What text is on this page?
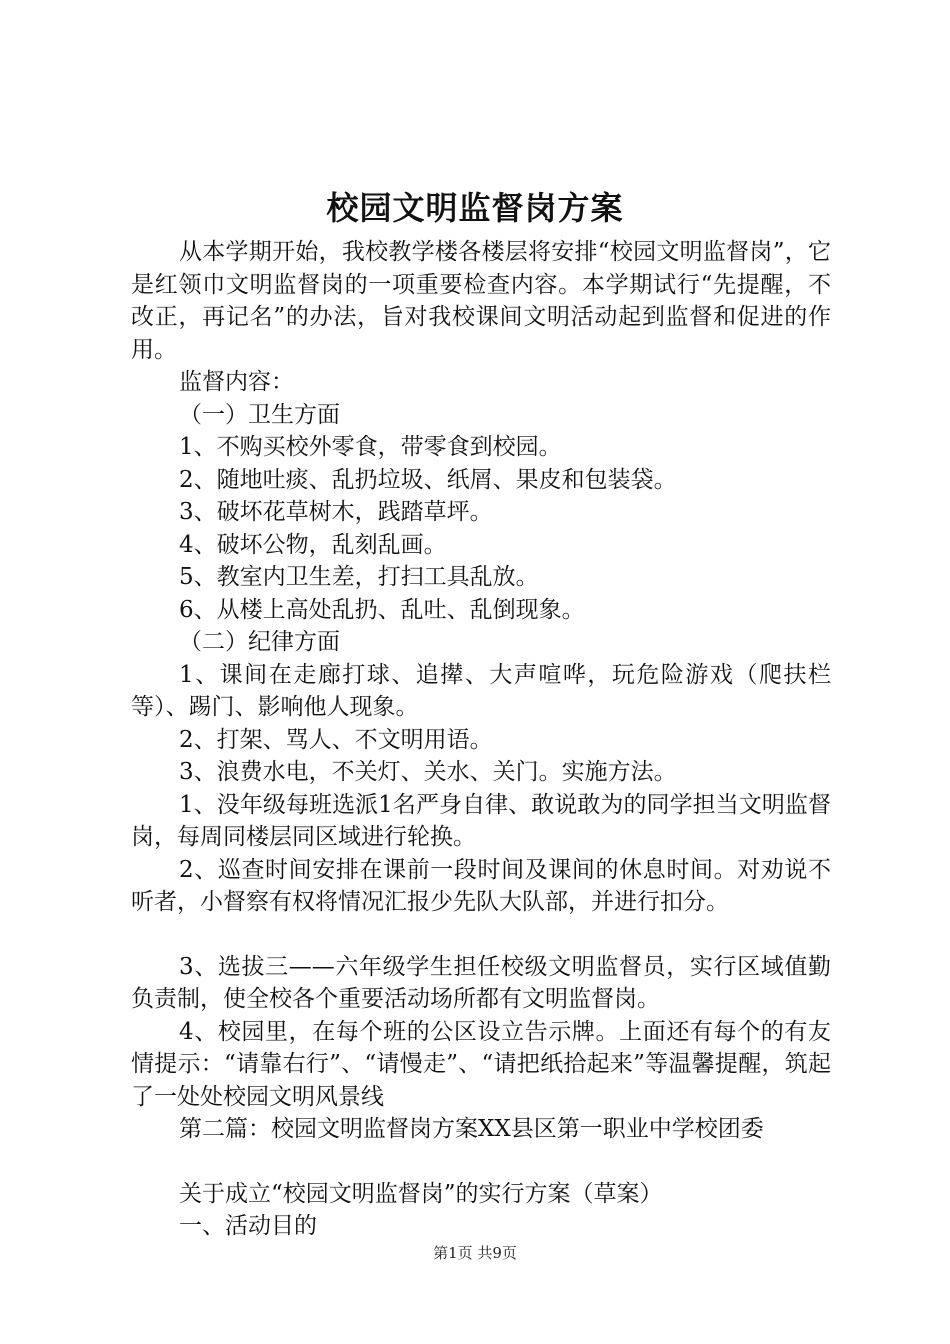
校园文明监督岗方案

从本学期开始，我校教学楼各楼层将安排“校园文明监督岗”，它是红领巾文明监督岗的一项重要检查内容。本学期试行“先提醒，不改正，再记名”的办法，旨对我校课间文明活动起到监督和促进的作用。

监督内容：

（一）卫生方面

1、不购买校外零食，带零食到校园。

2、随地吐痰、乱扔垃圾、纸屑、果皮和包装袋。

3、破坏花草树木，践踏草坪。

4、破坏公物，乱刻乱画。

5、教室内卫生差，打扫工具乱放。

6、从楼上高处乱扔、乱吐、乱倒现象。

（二）纪律方面

1、课间在走廊打球、追撵、大声喧哗，玩危险游戏（爬扶栏等）、踢门、影响他人现象。

2、打架、骂人、不文明用语。

3、浪费水电，不关灯、关水、关门。实施方法。

1、没年级每班选派1名严身自律、敢说敢为的同学担当文明监督岗，每周同楼层同区域进行轮换。

2、巡查时间安排在课前一段时间及课间的休息时间。对劝说不听者，小督察有权将情况汇报少先队大队部，并进行扣分。

3、选拔三——六年级学生担任校级文明监督员，实行区域值勤负责制，使全校各个重要活动场所都有文明监督岗。

4、校园里，在每个班的公区设立告示牌。上面还有每个的有友情提示：“请靠右行”、“请慢走”、“请把纸拾起来”等温馨提醒，筑起了一处处校园文明风景线

第二篇：校园文明监督岗方案XX县区第一职业中学校团委

关于成立“校园文明监督岗”的实行方案（草案）

一、活动目的

第1页 共9页
